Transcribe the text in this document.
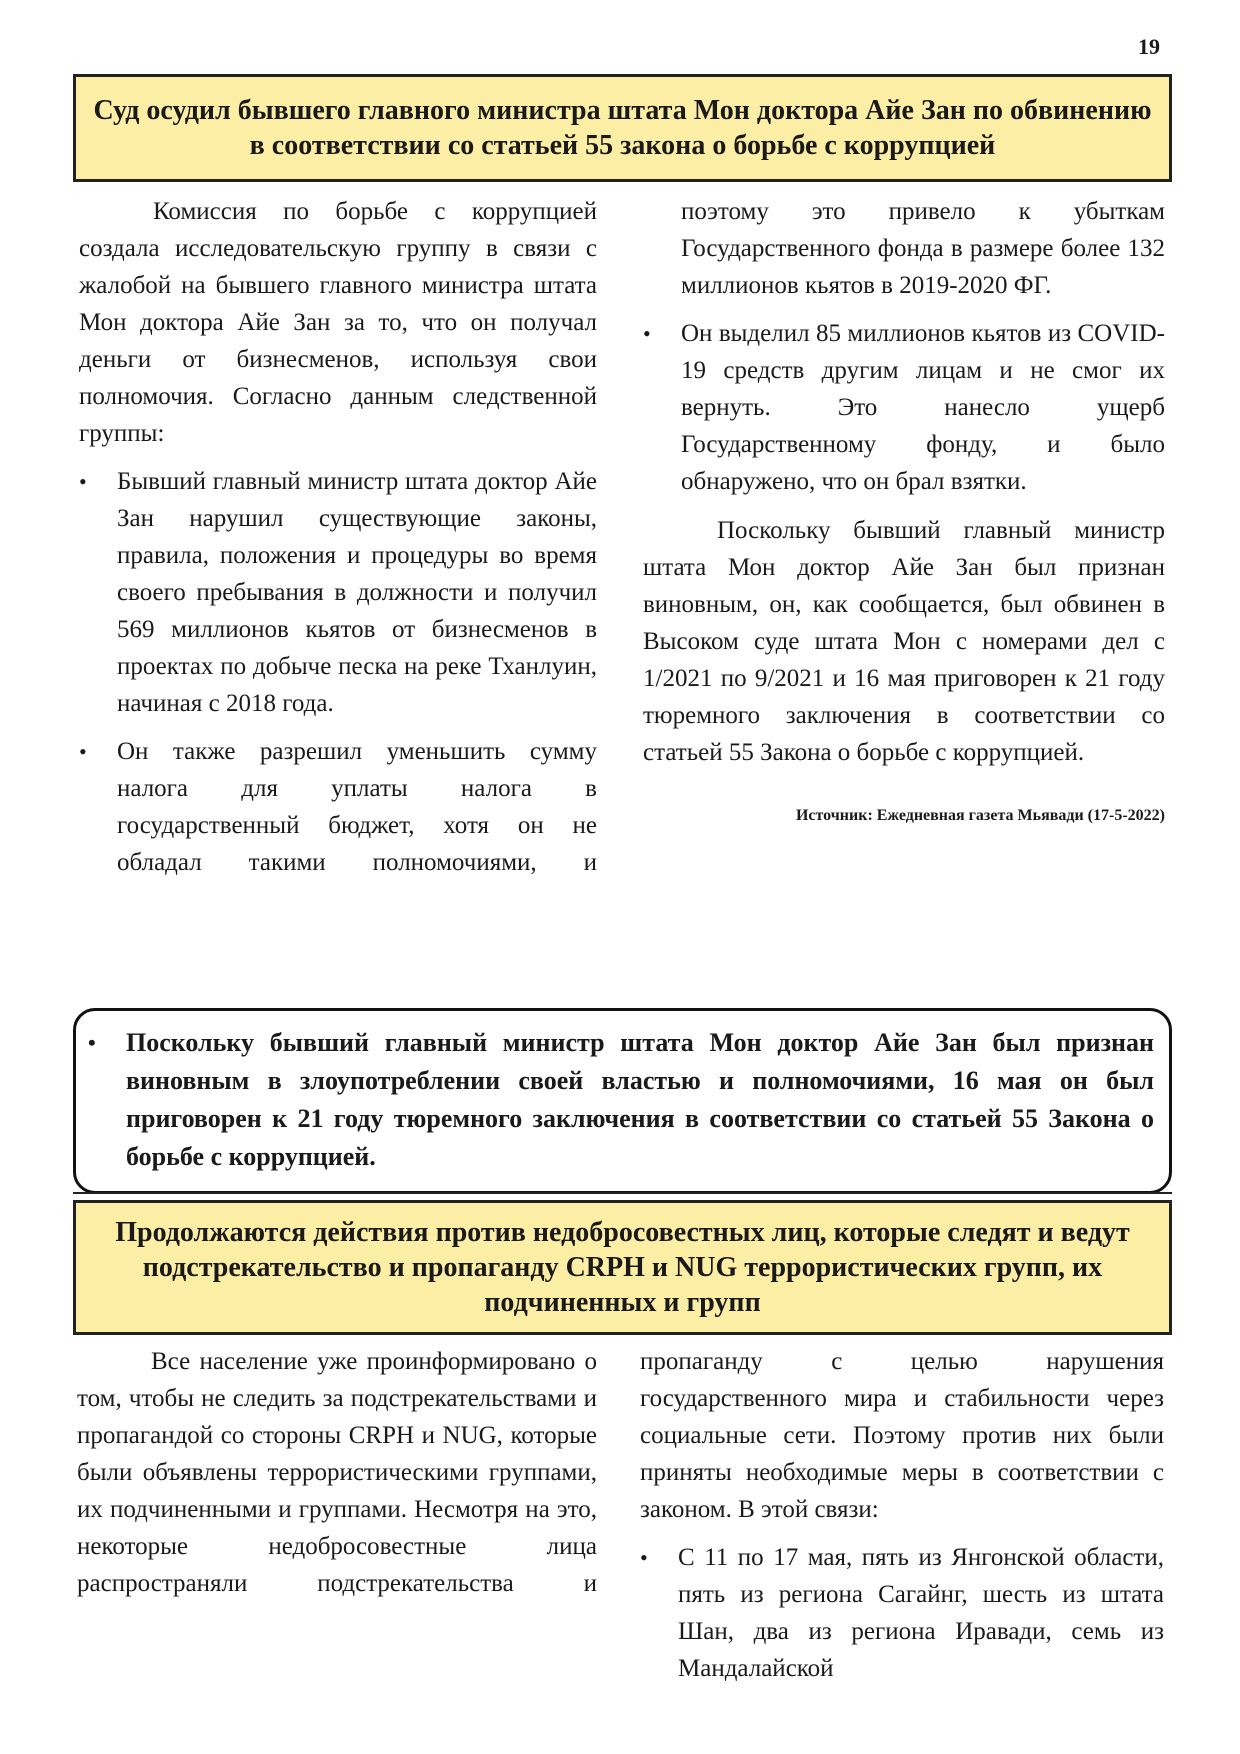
19
Суд осудил бывшего главного министра штата Мон доктора Айе Зан по обвинению в соответствии со статьей 55 закона о борьбе с коррупцией

Комиссия по борьбе с коррупцией создала исследовательскую группу в связи с жалобой на бывшего главного министра штата Мон доктора Айе Зан за то, что он получал деньги от бизнесменов, используя свои полномочия. Согласно данным следственной группы:

• Бывший главный министр штата доктор Айе Зан нарушил существующие законы, правила, положения и процедуры во время своего пребывания в должности и получил 569 миллионов кьятов от бизнесменов в проектах по добыче песка на реке Тханлуин, начиная с 2018 года.
• Он также разрешил уменьшить сумму налога для уплаты налога в государственный бюджет, хотя он не обладал такими полномочиями, и

поэтому это привело к убыткам Государственного фонда в размере более 132 миллионов кьятов в 2019-2020 ФГ.

• Он выделил 85 миллионов кьятов из COVID-19 средств другим лицам и не смог их вернуть. Это нанесло ущерб Государственному фонду, и было обнаружено, что он брал взятки.

Поскольку бывший главный министр штата Мон доктор Айе Зан был признан виновным, он, как сообщается, был обвинен в Высоком суде штата Мон с номерами дел с 1/2021 по 9/2021 и 16 мая приговорен к 21 году тюремного заключения в соответствии со статьей 55 Закона о борьбе с коррупцией.

Источник: Ежедневная газета Мьявади (17-5-2022)

• Поскольку бывший главный министр штата Мон доктор Айе Зан был признан виновным в злоупотреблении своей властью и полномочиями, 16 мая он был приговорен к 21 году тюремного заключения в соответствии со статьей 55 Закона о борьбе с коррупцией.
Продолжаются действия против недобросовестных лиц, которые следят и ведут подстрекательство и пропаганду CRPH и NUG террористических групп, их подчиненных и групп

Все население уже проинформировано о том, чтобы не следить за подстрекательствами и пропагандой со стороны CRPH и NUG, которые были объявлены террористическими группами, их подчиненными и группами. Несмотря на это, некоторые недобросовестные лица распространяли подстрекательства и

пропаганду с целью нарушения государственного мира и стабильности через социальные сети. Поэтому против них были приняты необходимые меры в соответствии с законом. В этой связи:

• С 11 по 17 мая, пять из Янгонской области, пять из региона Сагайнг, шесть из штата Шан, два из региона Иравади, семь из Мандалайской
